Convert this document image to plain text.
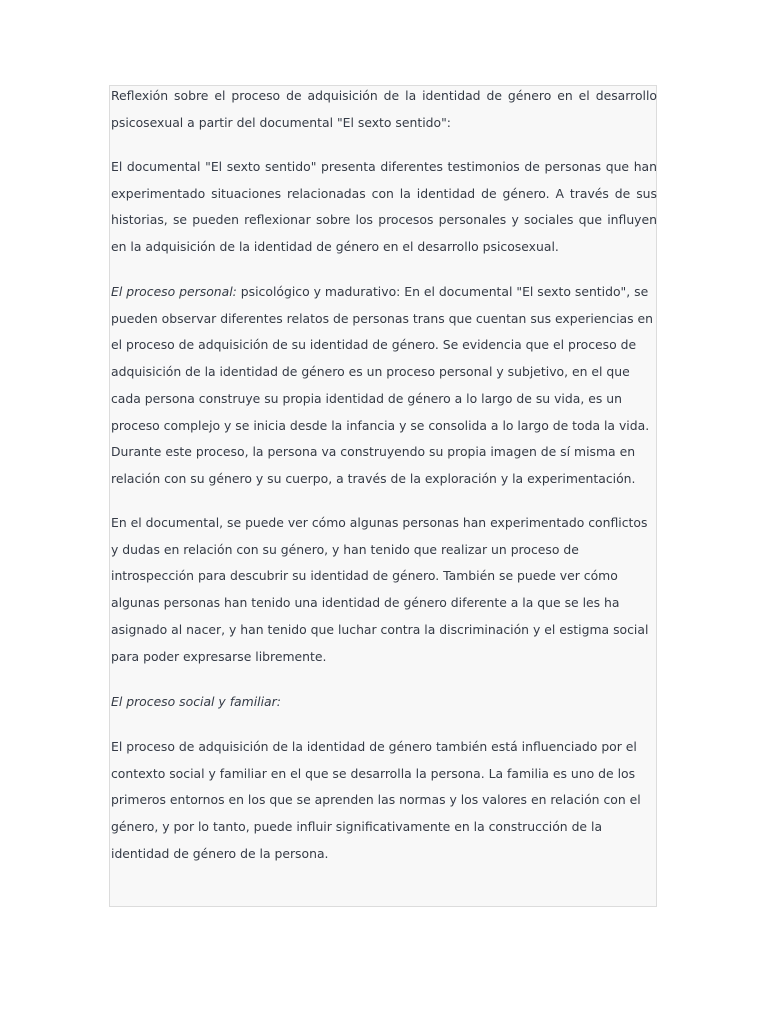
Reflexión sobre el proceso de adquisición de la identidad de género en el desarrollo psicosexual a partir del documental "El sexto sentido":

El documental "El sexto sentido" presenta diferentes testimonios de personas que han experimentado situaciones relacionadas con la identidad de género. A través de sus historias, se pueden reflexionar sobre los procesos personales y sociales que influyen en la adquisición de la identidad de género en el desarrollo psicosexual.

El proceso personal: psicológico y madurativo: En el documental "El sexto sentido", se pueden observar diferentes relatos de personas trans que cuentan sus experiencias en el proceso de adquisición de su identidad de género. Se evidencia que el proceso de adquisición de la identidad de género es un proceso personal y subjetivo, en el que cada persona construye su propia identidad de género a lo largo de su vida, es un proceso complejo y se inicia desde la infancia y se consolida a lo largo de toda la vida. Durante este proceso, la persona va construyendo su propia imagen de sí misma en relación con su género y su cuerpo, a través de la exploración y la experimentación.

En el documental, se puede ver cómo algunas personas han experimentado conflictos y dudas en relación con su género, y han tenido que realizar un proceso de introspección para descubrir su identidad de género. También se puede ver cómo algunas personas han tenido una identidad de género diferente a la que se les ha asignado al nacer, y han tenido que luchar contra la discriminación y el estigma social para poder expresarse libremente.

El proceso social y familiar:

El proceso de adquisición de la identidad de género también está influenciado por el contexto social y familiar en el que se desarrolla la persona. La familia es uno de los primeros entornos en los que se aprenden las normas y los valores en relación con el género, y por lo tanto, puede influir significativamente en la construcción de la identidad de género de la persona.
